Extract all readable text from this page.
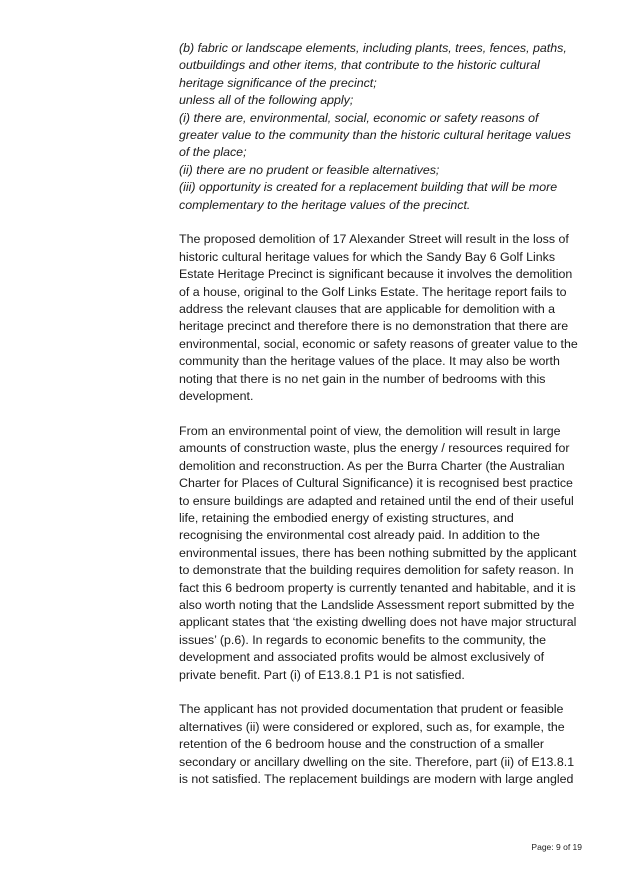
(b) fabric or landscape elements, including plants, trees, fences, paths, outbuildings and other items, that contribute to the historic cultural heritage significance of the precinct;

unless all of the following apply;

(i) there are, environmental, social, economic or safety reasons of greater value to the community than the historic cultural heritage values of the place;

(ii) there are no prudent or feasible alternatives;

(iii) opportunity is created for a replacement building that will be more complementary to the heritage values of the precinct.

The proposed demolition of 17 Alexander Street will result in the loss of historic cultural heritage values for which the Sandy Bay 6 Golf Links Estate Heritage Precinct is significant because it involves the demolition of a house, original to the Golf Links Estate. The heritage report fails to address the relevant clauses that are applicable for demolition with a heritage precinct and therefore there is no demonstration that there are environmental, social, economic or safety reasons of greater value to the community than the heritage values of the place. It may also be worth noting that there is no net gain in the number of bedrooms with this development.

From an environmental point of view, the demolition will result in large amounts of construction waste, plus the energy / resources required for demolition and reconstruction. As per the Burra Charter (the Australian Charter for Places of Cultural Significance) it is recognised best practice to ensure buildings are adapted and retained until the end of their useful life, retaining the embodied energy of existing structures, and recognising the environmental cost already paid. In addition to the environmental issues, there has been nothing submitted by the applicant to demonstrate that the building requires demolition for safety reason. In fact this 6 bedroom property is currently tenanted and habitable, and it is also worth noting that the Landslide Assessment report submitted by the applicant states that ‘the existing dwelling does not have major structural issues’ (p.6). In regards to economic benefits to the community, the development and associated profits would be almost exclusively of private benefit. Part (i) of E13.8.1 P1 is not satisfied.

The applicant has not provided documentation that prudent or feasible alternatives (ii) were considered or explored, such as, for example, the retention of the 6 bedroom house and the construction of a smaller secondary or ancillary dwelling on the site. Therefore, part (ii) of E13.8.1 is not satisfied. The replacement buildings are modern with large angled

Page: 9 of 19
